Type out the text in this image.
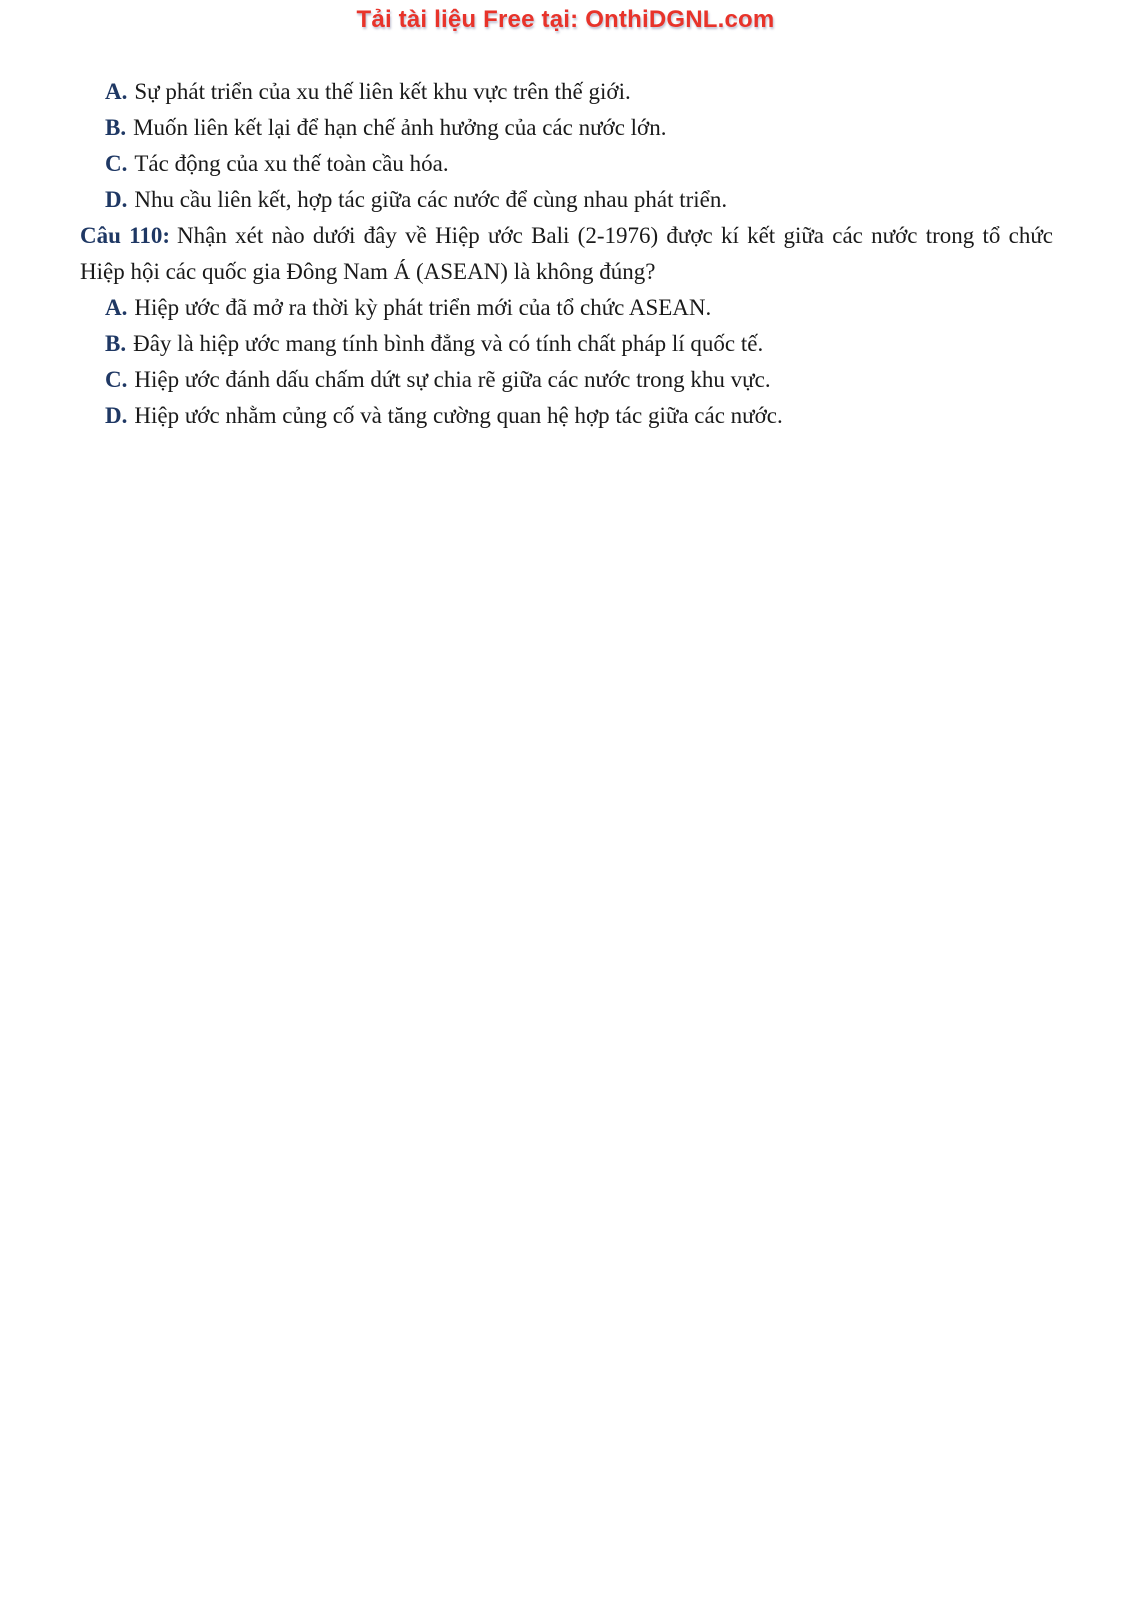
Tải tài liệu Free tại: OnthiDGNL.com
A. Sự phát triển của xu thế liên kết khu vực trên thế giới.
B. Muốn liên kết lại để hạn chế ảnh hưởng của các nước lớn.
C. Tác động của xu thế toàn cầu hóa.
D. Nhu cầu liên kết, hợp tác giữa các nước để cùng nhau phát triển.
Câu 110: Nhận xét nào dưới đây về Hiệp ước Bali (2-1976) được kí kết giữa các nước trong tổ chức Hiệp hội các quốc gia Đông Nam Á (ASEAN) là không đúng?
A. Hiệp ước đã mở ra thời kỳ phát triển mới của tổ chức ASEAN.
B. Đây là hiệp ước mang tính bình đẳng và có tính chất pháp lí quốc tế.
C. Hiệp ước đánh dấu chấm dứt sự chia rẽ giữa các nước trong khu vực.
D. Hiệp ước nhằm củng cố và tăng cường quan hệ hợp tác giữa các nước.
